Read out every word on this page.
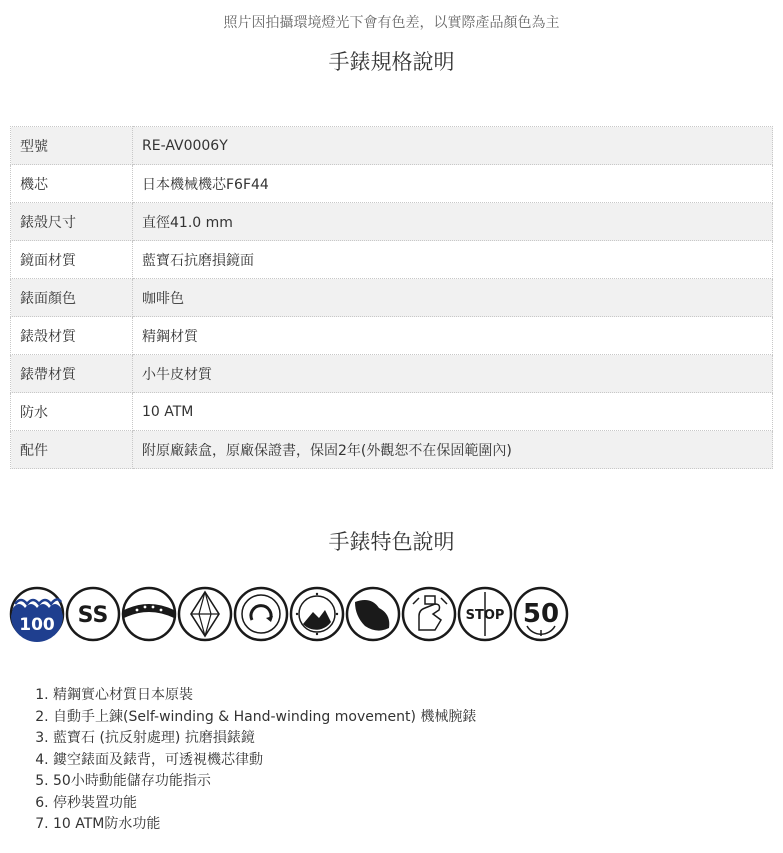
照片因拍攝環境燈光下會有色差，以實際產品顏色為主
手錶規格說明
型號	RE-AV0006Y
機芯	日本機械機芯F6F44
錶殼尺寸	直徑41.0 mm
鏡面材質	藍寶石抗磨損鏡面
錶面顏色	咖啡色
錶殼材質	精鋼材質
錶帶材質	小牛皮材質
防水	10 ATM
配件	附原廠錶盒，原廠保證書，保固2年(外觀恕不在保固範圍內)
手錶特色說明
100 SS	STOP 50
1. 精鋼實心材質日本原裝
2. 自動手上鍊(Self-winding & Hand-winding movement) 機械腕錶
3. 藍寶石 (抗反射處理) 抗磨損錶鏡
4. 鏤空錶面及錶背，可透視機芯律動
5. 50小時動能儲存功能指示
6. 停秒裝置功能
7. 10 ATM防水功能
